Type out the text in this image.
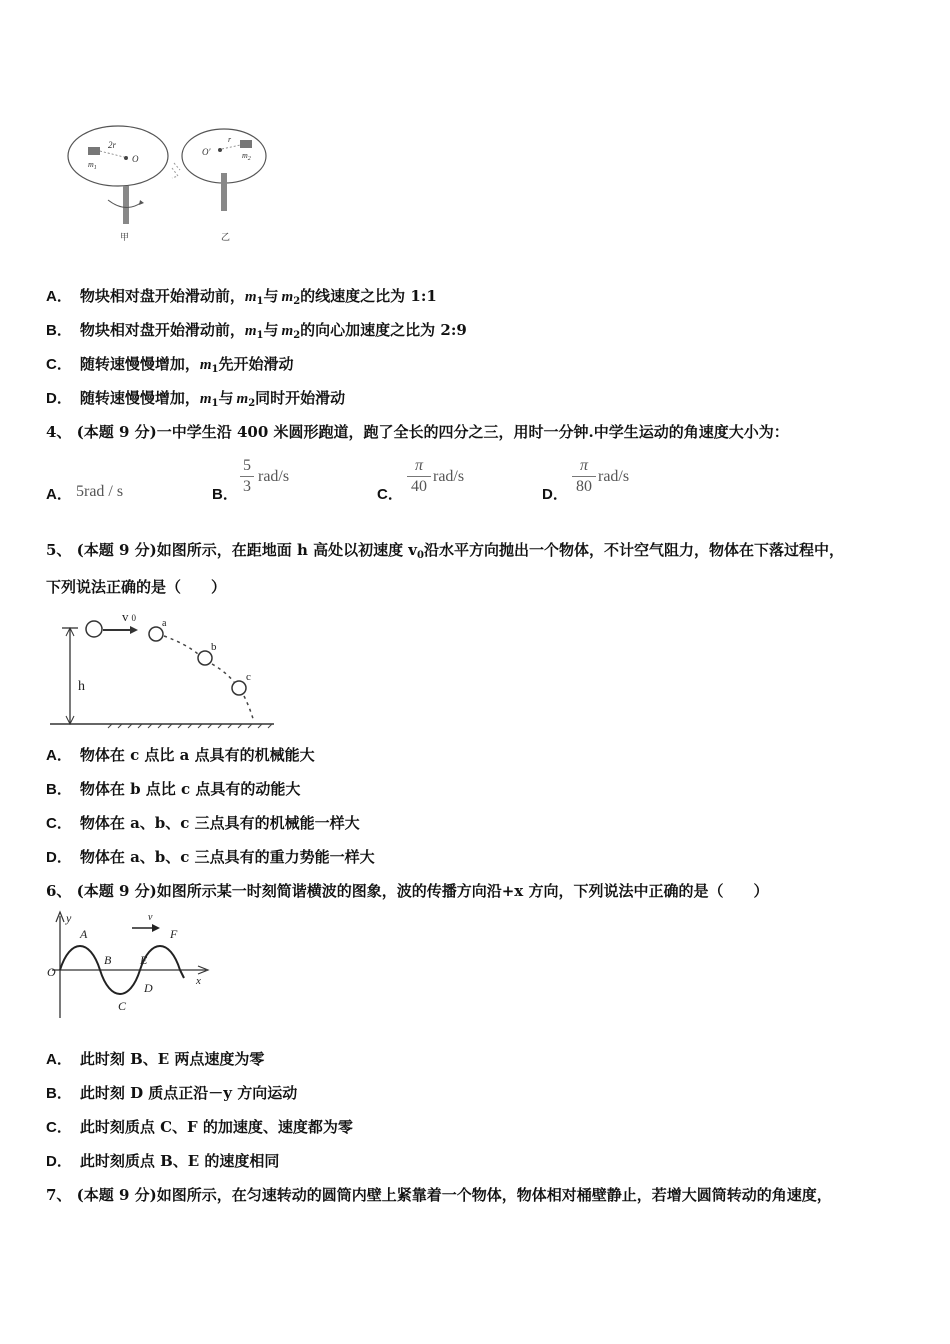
2r
O
$m_1$
O′
r
$m_2$
甲	乙
A． 物块相对盘开始滑动前，$m_1$与 $m_2$的线速度之比为 1:1
B． 物块相对盘开始滑动前，$m_1$与 $m_2$的向心加速度之比为 2:9
C． 随转速慢慢增加，$m_1$先开始滑动
D． 随转速慢慢增加，$m_1$与 $m_2$同时开始滑动
4、 (本题 9 分)一中学生沿 400 米圆形跑道，跑了全长的四分之三，用时一分钟.中学生运动的角速度大小为：
A． 5rad / s	B．
5
3
rad/s
C．
π
40
rad/s
D．
π
80
rad/s
5、 (本题 9 分)如图所示，在距地面 h 高处以初速度 $v_0$沿水平方向抛出一个物体，不计空气阻力，物体在下落过程中，
下列说法正确的是（　　）
h
v 0	a
b
c
A． 物体在 c 点比 a 点具有的机械能大
B． 物体在 b 点比 c 点具有的动能大
C． 物体在 a、b、c 三点具有的机械能一样大
D． 物体在 a、b、c 三点具有的重力势能一样大
6、 (本题 9 分)如图所示某一时刻简谐横波的图象，波的传播方向沿+x 方向，下列说法中正确的是（　　）
y
x
O
A
B
C
D
E
F
v
A． 此时刻 B、E 两点速度为零
B． 此时刻 D 质点正沿－y 方向运动
C． 此时刻质点 C、F 的加速度、速度都为零
D． 此时刻质点 B、E 的速度相同
7、 (本题 9 分)如图所示，在匀速转动的圆筒内壁上紧靠着一个物体，物体相对桶壁静止，若增大圆筒转动的角速度，
